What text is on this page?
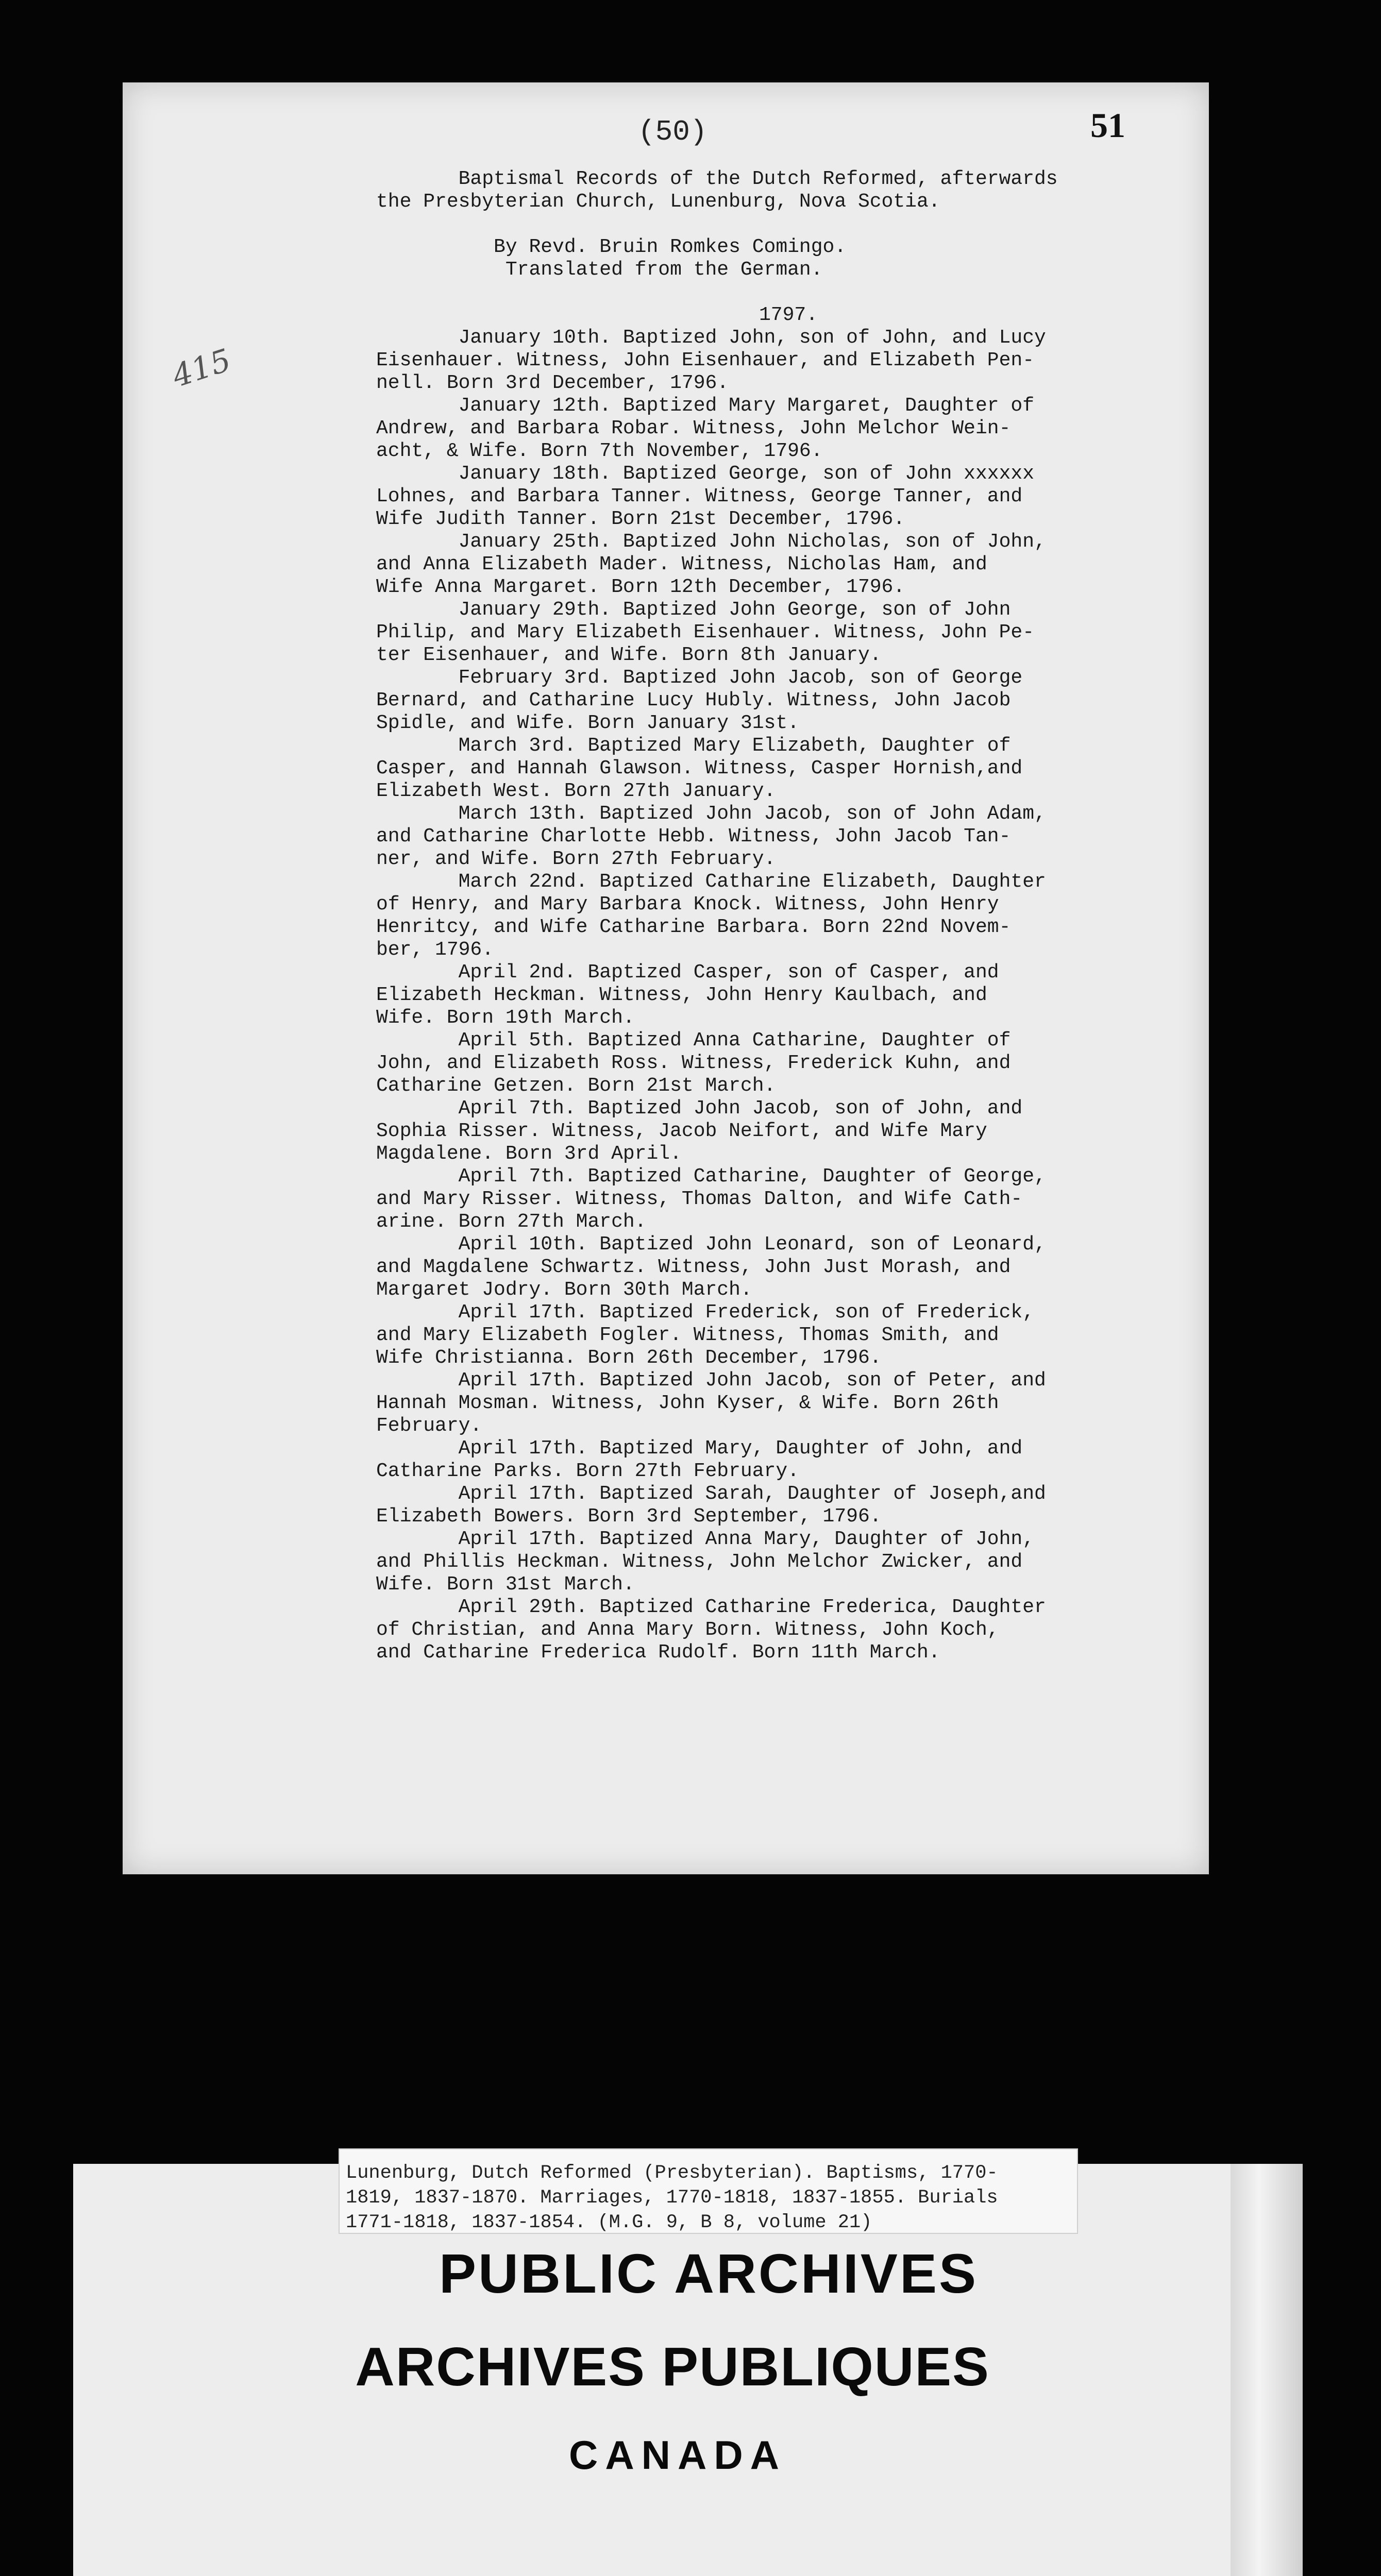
(50)	51
415

Baptismal Records of the Dutch Reformed, afterwards

the Presbyterian Church, Lunenburg, Nova Scotia.

By Revd. Bruin Romkes Comingo.

Translated from the German.

1797.

January 10th. Baptized John, son of John, and Lucy

Eisenhauer. Witness, John Eisenhauer, and Elizabeth Pen-

nell. Born 3rd December, 1796.

January 12th. Baptized Mary Margaret, Daughter of

Andrew, and Barbara Robar. Witness, John Melchor Wein-

acht, & Wife. Born 7th November, 1796.

January 18th. Baptized George, son of John xxxxxx

Lohnes, and Barbara Tanner. Witness, George Tanner, and

Wife Judith Tanner. Born 21st December, 1796.

January 25th. Baptized John Nicholas, son of John,

and Anna Elizabeth Mader. Witness, Nicholas Ham, and

Wife Anna Margaret. Born 12th December, 1796.

January 29th. Baptized John George, son of John

Philip, and Mary Elizabeth Eisenhauer. Witness, John Pe-

ter Eisenhauer, and Wife. Born 8th January.

February 3rd. Baptized John Jacob, son of George

Bernard, and Catharine Lucy Hubly. Witness, John Jacob

Spidle, and Wife. Born January 31st.

March 3rd. Baptized Mary Elizabeth, Daughter of

Casper, and Hannah Glawson. Witness, Casper Hornish,and

Elizabeth West. Born 27th January.

March 13th. Baptized John Jacob, son of John Adam,

and Catharine Charlotte Hebb. Witness, John Jacob Tan-

ner, and Wife. Born 27th February.

March 22nd. Baptized Catharine Elizabeth, Daughter

of Henry, and Mary Barbara Knock. Witness, John Henry

Henritcy, and Wife Catharine Barbara. Born 22nd Novem-

ber, 1796.

April 2nd. Baptized Casper, son of Casper, and

Elizabeth Heckman. Witness, John Henry Kaulbach, and

Wife. Born 19th March.

April 5th. Baptized Anna Catharine, Daughter of

John, and Elizabeth Ross. Witness, Frederick Kuhn, and

Catharine Getzen. Born 21st March.

April 7th. Baptized John Jacob, son of John, and

Sophia Risser. Witness, Jacob Neifort, and Wife Mary

Magdalene. Born 3rd April.

April 7th. Baptized Catharine, Daughter of George,

and Mary Risser. Witness, Thomas Dalton, and Wife Cath-

arine. Born 27th March.

April 10th. Baptized John Leonard, son of Leonard,

and Magdalene Schwartz. Witness, John Just Morash, and

Margaret Jodry. Born 30th March.

April 17th. Baptized Frederick, son of Frederick,

and Mary Elizabeth Fogler. Witness, Thomas Smith, and

Wife Christianna. Born 26th December, 1796.

April 17th. Baptized John Jacob, son of Peter, and

Hannah Mosman. Witness, John Kyser, & Wife. Born 26th

February.

April 17th. Baptized Mary, Daughter of John, and

Catharine Parks. Born 27th February.

April 17th. Baptized Sarah, Daughter of Joseph,and

Elizabeth Bowers. Born 3rd September, 1796.

April 17th. Baptized Anna Mary, Daughter of John,

and Phillis Heckman. Witness, John Melchor Zwicker, and

Wife. Born 31st March.

April 29th. Baptized Catharine Frederica, Daughter

of Christian, and Anna Mary Born. Witness, John Koch,

and Catharine Frederica Rudolf. Born 11th March.

Lunenburg, Dutch Reformed (Presbyterian). Baptisms, 1770-

1819, 1837-1870. Marriages, 1770-1818, 1837-1855. Burials

1771-1818, 1837-1854. (M.G. 9, B 8, volume 21)

PUBLIC ARCHIVES
ARCHIVES PUBLIQUES
CANADA
